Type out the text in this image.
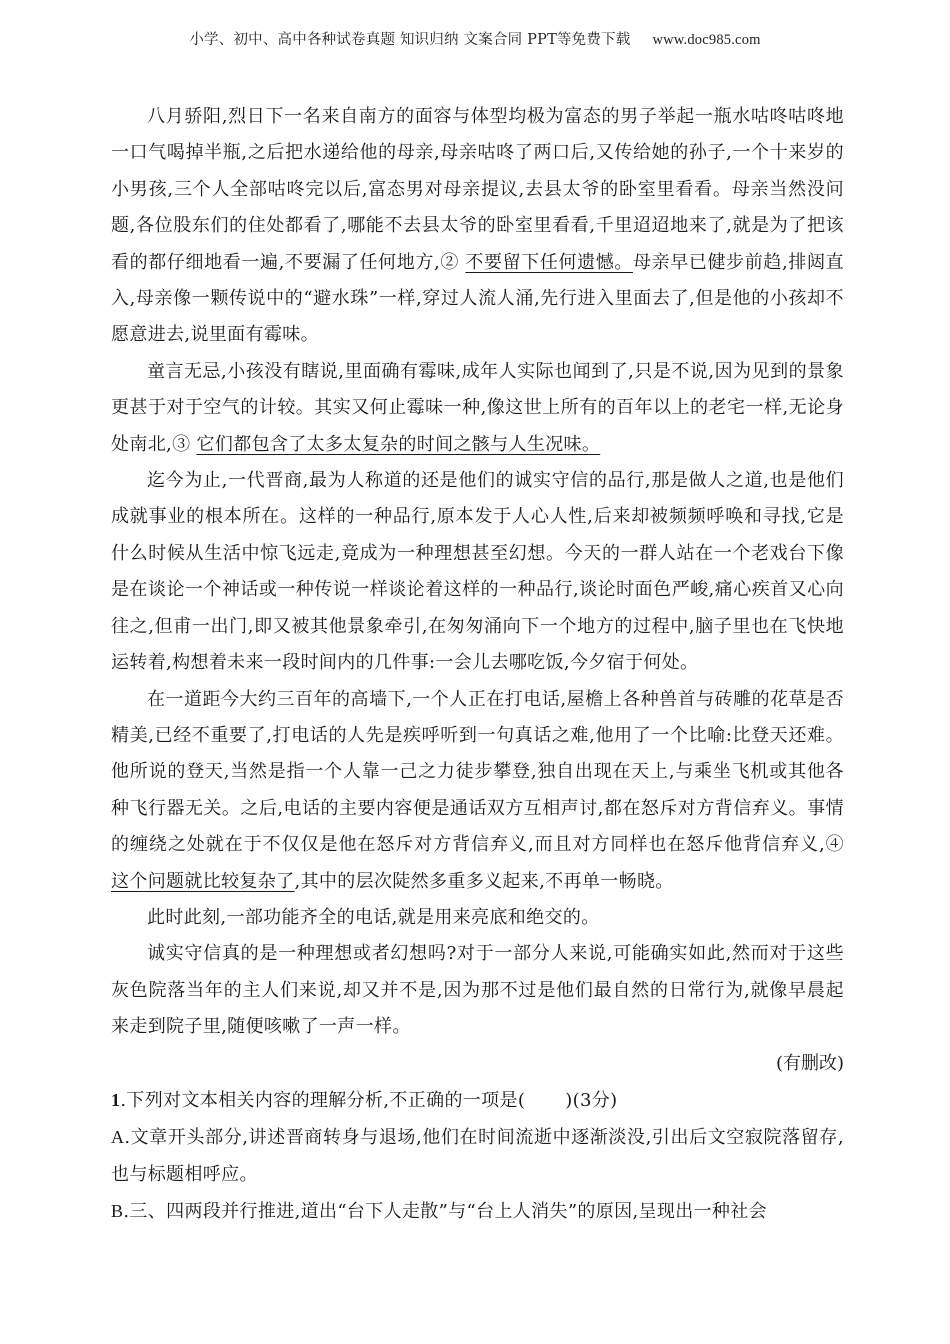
小学、初中、高中各种试卷真题 知识归纳 文案合同 PPT等免费下载 www.doc985.com

八月骄阳,烈日下一名来自南方的面容与体型均极为富态的男子举起一瓶水咕咚咕咚地一口气喝掉半瓶,之后把水递给他的母亲,母亲咕咚了两口后,又传给她的孙子,一个十来岁的小男孩,三个人全部咕咚完以后,富态男对母亲提议,去县太爷的卧室里看看。母亲当然没问题,各位股东们的住处都看了,哪能不去县太爷的卧室里看看,千里迢迢地来了,就是为了把该看的都仔细地看一遍,不要漏了任何地方,② 不要留下任何遗憾。母亲早已健步前趋,排闼直入,母亲像一颗传说中的“避水珠”一样,穿过人流人涌,先行进入里面去了,但是他的小孩却不愿意进去,说里面有霉味。

童言无忌,小孩没有瞎说,里面确有霉味,成年人实际也闻到了,只是不说,因为见到的景象更甚于对于空气的计较。其实又何止霉味一种,像这世上所有的百年以上的老宅一样,无论身处南北,③ 它们都包含了太多太复杂的时间之骸与人生况味。

迄今为止,一代晋商,最为人称道的还是他们的诚实守信的品行,那是做人之道,也是他们成就事业的根本所在。这样的一种品行,原本发于人心人性,后来却被频频呼唤和寻找,它是什么时候从生活中惊飞远走,竟成为一种理想甚至幻想。今天的一群人站在一个老戏台下像是在谈论一个神话或一种传说一样谈论着这样的一种品行,谈论时面色严峻,痛心疾首又心向往之,但甫一出门,即又被其他景象牵引,在匆匆涌向下一个地方的过程中,脑子里也在飞快地运转着,构想着未来一段时间内的几件事:一会儿去哪吃饭,今夕宿于何处。

在一道距今大约三百年的高墙下,一个人正在打电话,屋檐上各种兽首与砖雕的花草是否精美,已经不重要了,打电话的人先是疾呼听到一句真话之难,他用了一个比喻:比登天还难。他所说的登天,当然是指一个人靠一己之力徒步攀登,独自出现在天上,与乘坐飞机或其他各种飞行器无关。之后,电话的主要内容便是通话双方互相声讨,都在怒斥对方背信弃义。事情的缠绕之处就在于不仅仅是他在怒斥对方背信弃义,而且对方同样也在怒斥他背信弃义,④ 这个问题就比较复杂了,其中的层次陡然多重多义起来,不再单一畅晓。

此时此刻,一部功能齐全的电话,就是用来亮底和绝交的。

诚实守信真的是一种理想或者幻想吗?对于一部分人来说,可能确实如此,然而对于这些灰色院落当年的主人们来说,却又并不是,因为那不过是他们最自然的日常行为,就像早晨起来走到院子里,随便咳嗽了一声一样。

(有删改)

1.下列对文本相关内容的理解分析,不正确的一项是( )(3分)

A.文章开头部分,讲述晋商转身与退场,他们在时间流逝中逐渐淡没,引出后文空寂院落留存,也与标题相呼应。

B.三、四两段并行推进,道出“台下人走散”与“台上人消失”的原因,呈现出一种社会
